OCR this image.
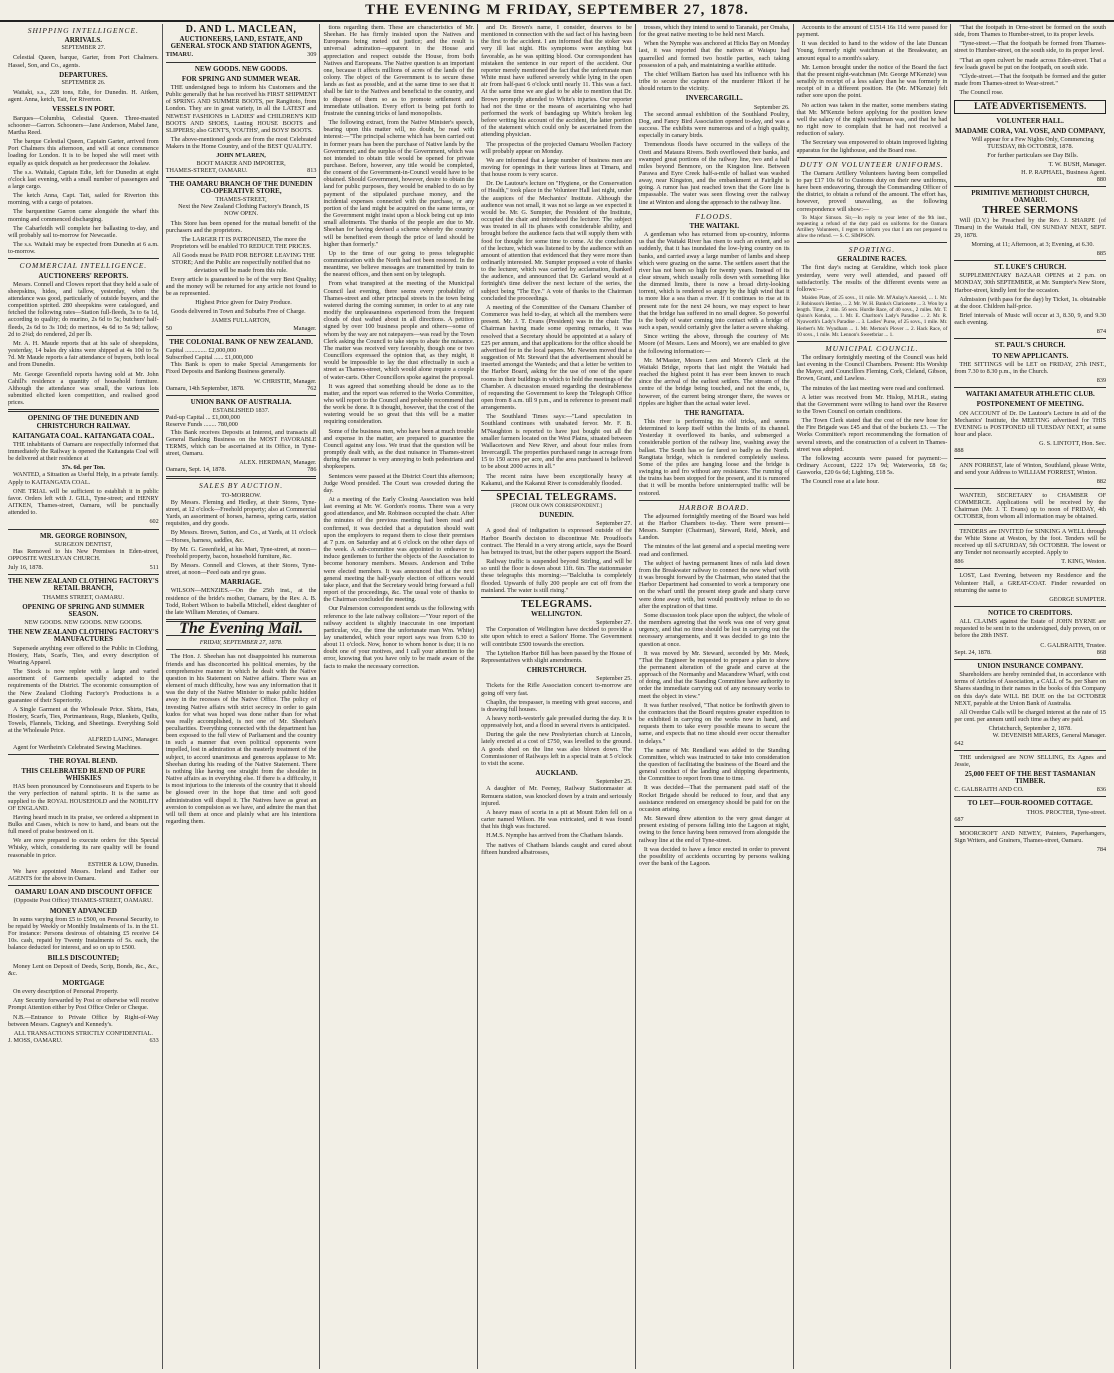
THE EVENING M FRIDAY, SEPTEMBER 27, 1878.
SHIPPING INTELLIGENCE.
ARRIVALS.
SEPTEMBER 27.

Celestial Queen, barque, Garter, from Port Chalmers. Hassel, Son, and Co., agents.

DEPARTURES.
SEPTEMBER 26.

Waitaki, s.s., 228 tons, Edie, for Dunedin. H. Aitken, agent. Anna, ketch, Tait, for Riverton.

VESSELS IN PORT.

Barques—Columbia, Celestial Queen. Three-masted schooner—Garron. Schooners—Jane Anderson, Mabel Jane, Martha Reed.

The barque Celestial Queen, Captain Garter, arrived from Port Chalmers this afternoon, and will at once commence loading for London. It is to be hoped she will meet with equally as quick despatch as her predecessor the Jokalaw.

The s.s. Waitaki, Captain Edie, left for Dunedin at eight o'clock last evening, with a small number of passengers and a large cargo.

The ketch Anna, Capt. Tait, sailed for Riverton this morning, with a cargo of potatoes.

The barquentine Garron came alongside the wharf this morning and commenced discharging.

The Cabarfeidh will complete her ballasting to-day, and will probably sail to-morrow for Newcastle.

The s.s. Waitaki may be expected from Dunedin at 6 a.m. to-morrow.

COMMERCIAL INTELLIGENCE.
AUCTIONEERS' REPORTS.

Messrs. Connell and Clowes report that they held a sale of sheepskins, hides, and tallow, yesterday, when the attendance was good, particularly of outside buyers, and the competition spirited. 280 sheepskins were catalogued, and fetched the following rates—Station full-fleeds, 3s to 6s 1d, according to quality; do murino, 2s 6d to 5s; butchers' half-fleeds, 2s 6d to 3s 10d; do merinos, 4s 6d to 5s 9d; tallow, 2d to 2¼d; do rendered, 2d per lb.

Mr. A. H. Maude reports that at his sale of sheepskins, yesterday, 14 bales dry skins were shipped at 4s 10d to 5s 7d. Mr Maude reports a fair attendance of buyers, both local and from Dunedin.

Mr. George Greenfield reports having sold at Mr. John Cahill's residence a quantity of household furniture. Although the attendance was small, the various lots submitted elicited keen competition, and realised good prices.

OPENING OF THE DUNEDIN AND CHRISTCHURCH RAILWAY.
KAITANGATA COAL. KAITANGATA COAL.

THE inhabitants of Oamaru are respectfully informed that immediately the Railway is opened the Kaitangata Coal will be delivered at their residence at

37s. 6d. per Ton.

WANTED, a Situation as Useful Help, in a private family. Apply to KAITANGATA COAL.

ONE TRIAL will be sufficient to establish it in public favor. Orders left with J. GILL, Tyne-street; and HENRY AITKEN, Thames-street, Oamaru, will be punctually attended to.

602
MR. GEORGE ROBINSON,
SURGEON DENTIST,

Has Removed to his New Premises in Eden-street, OPPOSITE WESLEYAN CHURCH.

July 16, 1878.	511
THE NEW ZEALAND CLOTHING FACTORY'S RETAIL BRANCH,
THAMES STREET, OAMARU.
OPENING OF SPRING AND SUMMER SEASON.
NEW GOODS. NEW GOODS. NEW GOODS.
THE NEW ZEALAND CLOTHING FACTORY'S MANUFACTURES

Supersede anything ever offered to the Public in Clothing, Hosiery, Hats, Scarfs, Ties, and every description of Wearing Apparel.

The Stock is now replete with a large and varied assortment of Garments specially adapted to the requirements of the District. The economic consumption of the New Zealand Clothing Factory's Productions is a guarantee of their Superiority.

A Single Garment at the Wholesale Price. Shirts, Hats, Hosiery, Scarfs, Ties, Portmanteaus, Rugs, Blankets, Quilts, Towels, Flannels, Ticking, and Sheetings. Everything Sold at the Wholesale Price.

ALFRED LAING, Manager.

Agent for Wertheim's Celebrated Sewing Machines.

THE ROYAL BLEND.
THIS CELEBRATED BLEND OF PURE WHISKIES

HAS been pronounced by Connoisseurs and Experts to be the very perfection of natural spirits. It is the same as supplied to the ROYAL HOUSEHOLD and the NOBILITY OF ENGLAND.

Having heard much in its praise, we ordered a shipment in Bulks and Cases, which is now to hand, and bears out the full meed of praise bestowed on it.

We are now prepared to execute orders for this Special Whisky, which, considering its rare quality will be found reasonable in price.

ESTHER & LOW, Dunedin.

We have appointed Messrs. Ireland and Esther our AGENTS for the above in Oamaru.

OAMARU LOAN AND DISCOUNT OFFICE
(Opposite Post Office) THAMES-STREET, OAMARU.
MONEY ADVANCED

In sums varying from £5 to £500, on Personal Security, to be repaid by Weekly or Monthly Instalments of 1s. in the £1. For instance: Persons desirous of obtaining £5 receive £4 10s. cash, repaid by Twenty Instalments of 5s. each, the balance deducted for interest, and so on up to £500.

BILLS DISCOUNTED;

Money Lent on Deposit of Deeds, Scrip, Bonds, &c., &c., &c.

MORTGAGE

On every description of Personal Property.

Any Security forwarded by Post or otherwise will receive Prompt Attention either by Post Office Order or Cheque.

N.B.—Entrance to Private Office by Right-of-Way between Messrs. Cagney's and Kennedy's.

ALL TRANSACTIONS STRICTLY CONFIDENTIAL.
J. MOSS, OAMARU.	633
D. AND L. MACLEAN,
AUCTIONEERS, LAND, ESTATE, AND GENERAL STOCK AND STATION AGENTS,
TIMARU.	309
NEW GOODS. NEW GOODS.
FOR SPRING AND SUMMER WEAR.

THE undersigned begs to inform his Customers and the Public generally that he has received his FIRST SHIPMENT of SPRING AND SUMMER BOOTS, per Rangitoto, from London. They are in great variety, in all the LATEST and NEWEST FASHIONS in LADIES' and CHILDREN'S KID BOOTS AND SHOES, Lasting HOUSE BOOTS and SLIPPERS; also GENT'S, YOUTHS', and BOYS' BOOTS.

The above-mentioned goods are from the most Celebrated Makers in the Home Country, and of the BEST QUALITY.

JOHN M'LAREN,
BOOT MAKER AND IMPORTER,
THAMES-STREET, OAMARU.	813
THE OAMARU BRANCH OF THE DUNEDIN CO-OPERATIVE STORE,
THAMES-STREET,

Next the New Zealand Clothing Factory's Branch, IS NOW OPEN.

This Store has been opened for the mutual benefit of the purchasers and the proprietors.

The LARGER IT IS PATRONISED, The more the Proprietors will be enabled TO REDUCE THE PRICES.

All Goods must be PAID FOR BEFORE LEAVING THE STORE; And the Public are respectfully notified that no deviation will be made from this rule.

Every article is guaranteed to be of the very Best Quality; and the money will be returned for any article not found to be as represented.

Highest Price given for Dairy Produce.

Goods delivered in Town and Suburbs Free of Charge.

JAMES FULLARTON,
50	Manager.
THE COLONIAL BANK OF NEW ZEALAND.
Capital .............. £2,000,000
Subscribed Capital ...... £1,000,000

This Bank is open to make Special Arrangements for Fixed Deposits and Banking Business generally.

W. CHRISTIE, Manager.
Oamaru, 14th September, 1878.	762
UNION BANK OF AUSTRALIA.
ESTABLISHED 1837.
Paid-up Capital ... £1,000,000
Reserve Funds ........ 780,000

This Bank receives Deposits at Interest, and transacts all General Banking Business on the MOST FAVORABLE TERMS, which can be ascertained at its Office, in Tyne-street, Oamaru.

ALEX. HERDMAN, Manager.
Oamaru, Sept. 14, 1878.	786
SALES BY AUCTION.
TO-MORROW.

By Messrs. Fleming and Hedley, at their Stores, Tyne-street, at 12 o'clock—Freehold property; also at Commercial Yards, an assortment of horses, harness, spring carts, station requisites, and dry goods.

By Messrs. Brown, Sutton, and Co., at Yards, at 11 o'clock—Horses, harness, saddles, &c.

By Mr. G. Greenfield, at his Mart, Tyne-street, at noon—Freehold property, bacon, household furniture, &c.

By Messrs. Connell and Clowes, at their Stores, Tyne-street, at noon—Feed oats and rye grass.

MARRIAGE.

WILSON—MENZIES.—On the 25th inst., at the residence of the bride's mother, Oamaru, by the Rev. A. B. Todd, Robert Wilson to Isabella Mitchell, eldest daughter of the late William Menzies, of Oamaru.

The Evening Mail.
FRIDAY, SEPTEMBER 27, 1878.

The Hon. J. Sheehan has not disappointed his numerous friends and has disconcerted his political enemies, by the comprehensive manner in which he dealt with the Native question in his Statement on Native affairs. There was an element of much difficulty, how was any information that it was the duty of the Native Minister to make public hidden away in the recesses of the Native Office. The policy of investing Native affairs with strict secrecy in order to gain kudos for what was hoped was done rather than for what was really accomplished, is not one of Mr. Sheehan's peculiarities. Everything connected with the department has been exposed to the full view of Parliament and the country in such a manner that even political opponents were impelled, lost in admiration at the masterly treatment of the subject, to accord unanimous and generous applause to Mr. Sheehan during his reading of the Native Statement. There is nothing like having one straight from the shoulder in Native affairs as in everything else. If there is a difficulty, it is most injurious to the interests of the country that it should be glossed over in the hope that time and soft good administration will dispel it. The Natives have as great an aversion to compulsion as we have, and admire the man that will tell them at once and plainly what are his intentions regarding them.

tions regarding them. These are characteristics of Mr. Sheehan. He has firmly insisted upon the Natives and Europeans being meted out justice; and the result is universal admiration—apparent in the House and appreciation and respect outside the House, from both Natives and Europeans. The Native question is an important one, because it affects millions of acres of the lands of the colony. The object of the Government is to secure these lands as fast as possible, and at the same time to see that it shall be fair to the Natives and beneficial to the country, and to dispose of them so as to promote settlement and immediate utilisation. Every effort is being put forth to frustrate the cunning tricks of land monopolists.

The following extract, from the Native Minister's speech, bearing upon this matter will, no doubt, be read with interest:—"The principal scheme which has been carried out in former years has been the purchase of Native lands by the Government; and the surplus of the Government, which was not intended to obtain title would be opened for private purchase. Before, however, any title would be completed, the consent of the Government-in-Council would have to be obtained. Should Government, however, desire to obtain the land for public purposes, they would be enabled to do so by payment of the stipulated purchase money, and the incidental expenses connected with the purchase, or any portion of the land might be acquired on the same terms, or the Government might insist upon a block being cut up into small allotments. The thanks of the people are due to Mr. Sheehan for having devised a scheme whereby the country will be benefited even though the price of land should be higher than formerly."

Up to the time of our going to press telegraphic communication with the North had not been restored. In the meantime, we believe messages are transmitted by train to the nearest offices, and then sent on by telegraph.

From what transpired at the meeting of the Municipal Council last evening, there seems every probability of Thames-street and other principal streets in the town being watered during the coming summer, in order to at any rate modify the unpleasantness experienced from the frequent clouds of dust wafted about in all directions. A petition signed by over 100 business people and others—some of whom by the way are not ratepayers—was read by the Town Clerk asking the Council to take steps to abate the nuisance. The matter was received very favorably, though one or two Councillors expressed the opinion that, as they might, it would be impossible to lay the dust effectually in such a street as Thames-street, which would alone require a couple of water-carts. Other Councillors spoke against the proposal.

It was agreed that something should be done as to the matter, and the report was referred to the Works Committee, who will report to the Council and probably recommend that the work be done. It is thought, however, that the cost of the watering would be so great that this will be a matter requiring consideration.

Some of the business men, who have been at much trouble and expense in the matter, are prepared to guarantee the Council against any loss. We trust that the question will be promptly dealt with, as the dust nuisance in Thames-street during the summer is very annoying to both pedestrians and shopkeepers.

Sentences were passed at the District Court this afternoon; Judge Wood presided. The Court was crowded during the day.

At a meeting of the Early Closing Association was held last evening at Mr. W. Gordon's rooms. There was a very good attendance, and Mr. Robinson occupied the chair. After the minutes of the previous meeting had been read and confirmed, it was decided that a deputation should wait upon the employers to request them to close their premises at 7 p.m. on Saturday and at 6 o'clock on the other days of the week. A sub-committee was appointed to endeavor to induce gentlemen to further the objects of the Association to become honorary members. Messrs. Anderson and Tribe were elected members. It was announced that at the next general meeting the half-yearly election of officers would take place, and that the Secretary would bring forward a full report of the proceedings, &c. The usual vote of thanks to the Chairman concluded the meeting.

Our Palmerston correspondent sends us the following with reference to the late railway collision:—"Your report of the railway accident is slightly inaccurate in one important particular, viz., the time the unfortunate man Wm. White) lay unattended, which your report says was from 6.30 to about 11 o'clock. Now, honor to whom honor is due; it is no doubt one of your motives, and I call your attention to the error, knowing that you have only to be made aware of the facts to make the necessary correction.

and Dr. Brown's name, I consider, deserves to be mentioned in connection with the sad fact of his having been the first to the accident. I am informed that the stoker was very ill last night. His symptoms were anything but favorable, as he was spitting blood. Our correspondent has mistaken the sentence in our report of the accident. Our reporter merely mentioned the fact that the unfortunate man White must have suffered severely while lying in the open air from half-past 6 o'clock until nearly 11. This was a fact. At the same time we are glad to be able to mention that Dr. Brown promptly attended to White's injuries. Our reporter had not the time or the means of ascertaining who had performed the work of bandaging up White's broken leg before writing his account of the accident, the latter portion of the statement which could only be ascertained from the attending physician.

The prospectus of the projected Oamaru Woollen Factory will probably appear on Monday.

We are informed that a large number of business men are moving for openings in their various lines at Timaru, and that house room is very scarce.

Dr. De Lautour's lecture on "Hygiene, or the Conservation of Health," took place in the Volunteer Hall last night, under the auspices of the Mechanics' Institute. Although the audience was not small, it was not so large as we expected it would be. Mr. G. Sumpter, the President of the Institute, occupied the chair and introduced the lecturer. The subject was treated in all its phases with considerable ability, and brought before the audience facts that will supply them with food for thought for some time to come. At the conclusion of the lecture, which was listened to by the audience with an amount of attention that evidenced that they were more than ordinarily interested. Mr. Sumpter proposed a vote of thanks to the lecturer, which was carried by acclamation, thanked the audience, and announced that Dr. Garland would at a fortnight's time deliver the next lecture of the series, the subject being "The Eye." A vote of thanks to the Chairman concluded the proceedings.

A meeting of the Committee of the Oamaru Chamber of Commerce was held to-day, at which all the members were present. Mr. J. T. Evans (President) was in the chair. The Chairman having made some opening remarks, it was resolved that a Secretary should be appointed at a salary of £25 per annum, and that applications for the office should be advertised for in the local papers. Mr. Newton moved that a suggestion of Mr. Steward that the advertisement should be inserted amongst the Wanteds; and that a letter be written to the Harbor Board, asking for the use of one of the spare rooms in their buildings in which to hold the meetings of the Chamber. A discussion ensued regarding the desirableness of requesting the Government to keep the Telegraph Office open from 8 a.m. till 9 p.m., and in reference to present mail arrangements.

The Southland Times says:—"Land speculation in Southland continues with unabated fervor. Mr. F. B. M'Naughton is reported to have just bought out all the smaller farmers located on the West Plains, situated between Wallacetown and New River, and about four miles from Invercargill. The properties purchased range in acreage from 15 to 150 acres per acre, and the area purchased is believed to be about 2000 acres in all."

The recent rains have been exceptionally heavy at Kakanui, and the Kakanui River is considerably flooded.

SPECIAL TELEGRAMS.
[FROM OUR OWN CORRESPONDENT.]
DUNEDIN.
September 27.

A good deal of indignation is expressed outside of the Harbor Board's decision to discontinue Mr. Proudfoot's contract. The Herald in a very strong article, says the Board has betrayed its trust, but the other papers support the Board.

Railway traffic is suspended beyond Stirling, and will be so until the floor is down about 11ft. 6in. The stationmaster these telegraphs this morning:—"Balclutha is completely flooded. Upwards of fully 200 people are cut off from the mainland. The water is still rising."

TELEGRAMS.
WELLINGTON.
September 27.

The Corporation of Wellington have decided to provide a site upon which to erect a Sailors' Home. The Government will contribute £500 towards the erection.

The Lyttelton Harbor Bill has been passed by the House of Representatives with slight amendments.

CHRISTCHURCH.
September 25.

Tickets for the Rifle Association concert to-morrow are going off very fast.

Chaplin, the trespasser, is meeting with great success, and is drawing full houses.

A heavy north-westerly gale prevailed during the day. It is oppressively hot, and a flood in several rivers is anticipated.

During the gale the new Presbyterian church at Lincoln, lately erected at a cost of £750, was levelled to the ground. A goods shed on the line was also blown down. The Commissioner of Railways left in a special train at 5 o'clock to visit the scene.

AUCKLAND.
September 25.

A daughter of Mr. Feeney, Railway Stationmaster at Remuera station, was knocked down by a train and seriously injured.

A heavy mass of scoria in a pit at Mount Eden fell on a carter named Wilson. He was extricated, and it was found that his thigh was fractured.

H.M.S. Nymphe has arrived from the Chatham Islands.

The natives of Chatham Islands caught and cured about fifteen hundred albatrosses,

trosses, which they intend to send to Taranaki, per Omaha, for the great native meeting to be held next March.

When the Nymphe was anchored at Hicks Bay on Monday last, it was reported that the natives at Waiapu had quarrelled and formed two hostile parties, each taking possession of a pah, and maintaining a warlike attitude.

The chief William Barton has used his influence with his tribe to secure the capture of the murderer Hikori if he should return to the vicinity.

INVERCARGILL.
September 26.

The second annual exhibition of the Southland Poultry, Dog, and Fancy Bird Association opened to-day, and was a success. The exhibits were numerous and of a high quality, especially in canary birds.

Tremendous floods have occurred in the valleys of the Oreti and Mataura Rivers. Both overflowed their banks, and swamped great portions of the railway line, two and a half miles beyond Benmore, on the Kingston line. Between Parawa and Eyre Creek half-a-mile of ballast was washed away, near Kingston, and the embankment at Fairlight is going. A rumor has just reached town that the Gore line is impassable. The water was seen flowing over the railway line at Winton and along the approach to the railway line.

FLOODS.
THE WAITAKI.

A gentleman who has returned from up-country, informs us that the Waitaki River has risen to such an extent, and so suddenly, that it has inundated the low-lying country on its banks, and carried away a large number of lambs and sheep which were grazing on the same. The settlers assert that the river has not been so high for twenty years. Instead of its clear stream, which usually rolls down with something like the dimmed limits, there is now a broad dirty-looking torrent, which is rendered so angry by the high wind that it is more like a sea than a river. If it continues to rise at its present rate for the next 24 hours, we may expect to hear that the bridge has suffered in no small degree. So powerful is the body of water coming into contact with a bridge of such a span, would certainly give the latter a severe shaking.

Since writing the above, through the courtesy of Mr. Moore (of Messrs. Lees and Moore), we are enabled to give the following information:—

Mr. M'Master, Messrs Lees and Moore's Clerk at the Waitaki Bridge, reports that last night the Waitaki had reached the highest point it has ever been known to reach since the arrival of the earliest settlers. The stream of the centre of the bridge being touched, and not the ends, is, however, of the current being stronger there, the waves or ripples are higher than the actual water level.

THE RANGITATA.

This river is performing its old tricks, and seems determined to keep itself within the limits of its channel. Yesterday it overflowed its banks, and submerged a considerable portion of the railway line, washing away the ballast. The South has so far fared so badly as the North. Rangitata bridge, which is rendered completely useless. Some of the piles are hanging loose and the bridge is swinging to and fro without any resistance. The running of the trains has been stopped for the present, and it is rumored that it will be months before uninterrupted traffic will be restored.

HARBOR BOARD.

The adjourned fortnightly meeting of the Board was held at the Harbor Chambers to-day. There were present—Messrs. Sumpter (Chairman), Steward, Reid, Meek, and Landon.

The minutes of the last general and a special meeting were read and confirmed.

The subject of having permanent lines of rails laid down from the Breakwater railway to connect the new wharf with it was brought forward by the Chairman, who stated that the Harbor Department had consented to work a temporary one on the wharf until the present steep grade and sharp curve were done away with, but would positively refuse to do so after the expiration of that time.

Some discussion took place upon the subject, the whole of the members agreeing that the work was one of very great urgency, and that no time should be lost in carrying out the necessary arrangements, and it was decided to go into the question at once.

It was moved by Mr. Steward, seconded by Mr. Meek, "That the Engineer be requested to prepare a plan to show the permanent alteration of the grade and curve at the approach of the Normanby and Macandrew Wharf, with cost of doing, and that the Standing Committee have authority to order the immediate carrying out of any necessary works to meet the object in view."

It was further resolved, "That notice be forthwith given to the contractors that the Board requires greater expedition to be exhibited in carrying on the works now in hand, and requests them to take every possible means to secure the same, and expects that no time should ever occur thereafter in delays."

The name of Mr. Rendland was added to the Standing Committee, which was instructed to take into consideration the question of facilitating the business of the Board and the general conduct of the landing and shipping departments, the Committee to report from time to time.

It was decided—That the permanent paid staff of the Rocket Brigade should be reduced to four, and that any assistance rendered on emergency should be paid for on the occasion arising.

Mr. Steward drew attention to the very great danger at present existing of persons falling into the Lagoon at night, owing to the fence having been removed from alongside the railway line at the end of Tyne-street.

It was decided to have a fence erected in order to prevent the possibility of accidents occurring by persons walking over the bank of the Lagoon.

Accounts to the amount of £1514 16s 11d were passed for payment.

It was decided to hand to the widow of the late Duncan Young, formerly night watchman at the Breakwater, an amount equal to a month's salary.

Mr. Lemon brought under the notice of the Board the fact that the present night-watchman (Mr. George M'Kenzie) was sensibly in receipt of a less salary than he was formerly in receipt of in a different position. He (Mr. M'Kenzie) felt rather sore upon the point.

No action was taken in the matter, some members stating that Mr. M'Kenzie before applying for the position knew well the salary of the night watchman was, and that he had no right now to complain that he had not received a reduction of salary.

The Secretary was empowered to obtain improved lighting apparatus for the lighthouse, and the Board rose.

DUTY ON VOLUNTEER UNIFORMS.

The Oamaru Artillery Volunteers having been compelled to pay £17 10s 6d to Customs duty on their new uniforms, have been endeavoring, through the Commanding Officer of the district, to obtain a refund of the amount. The effort has, however, proved unavailing, as the following correspondence will show:—

To Major Simson. Sir,—In reply to your letter of the 9th inst., requesting a refund of the duty paid on uniforms for the Oamaru Artillery Volunteers, I regret to inform you that I am not prepared to allow the refund. — S. C. SIMPSON.

SPORTING.
GERALDINE RACES.

The first day's racing at Geraldine, which took place yesterday, were very well attended, and passed off satisfactorily. The results of the different events were as follows:—

Maiden Plate, of 25 sovs., 11 mile. Mr. M'Aulay's Aneroid, ... 1. Mr. J. Robinson's Hettine, ... 2. Mr. W. H. Banks's Clarionette ... 3. Won by a length. Time, 2 min. 56 secs. Hurdle Race, of 40 sovs., 2 miles. Mr. T. Quinn's Kotuku, ... 1. Mr. E. Charlton's Lady's Paradise ... 2. Mr. R. Nyaworth's Lady's Paradise ... 3. Ladies' Purse, of 25 sovs., 1 mile. Mr. Herbert's Mr. Wyndham ... 1. Mr. Merton's Plover ... 2. Hack Race, of 10 sovs., 1 mile. Mr. Lennon's Sweetbriar ... 1.

MUNICIPAL COUNCIL.

The ordinary fortnightly meeting of the Council was held last evening in the Council Chambers. Present: His Worship the Mayor, and Councillors Fleming, Cork, Cleland, Gibson, Brown, Grant, and Lawless.

The minutes of the last meeting were read and confirmed.

A letter was received from Mr. Hislop, M.H.R., stating that the Government were willing to hand over the Reserve to the Town Council on certain conditions.

The Town Clerk stated that the cost of the new hose for the Fire Brigade was £45 and that of the buckets £3. — The Works Committee's report recommending the formation of several streets, and the construction of a culvert in Thames-street was adopted.

The following accounts were passed for payment:—Ordinary Account, £222 17s 9d; Waterworks, £8 6s; Gasworks, £20 6s 6d; Lighting, £18 5s.

The Council rose at a late hour.

"That the footpath in Orne-street be formed on the south side, from Thames to Humber-street, to its proper levels.

"Tyne-street.—That the footpath be formed from Thames-street to Humber-street, on the south side, to its proper level.

"That an open culvert be made across Eden-street. That a few loads gravel be put on the footpath, on south side.

"Clyde-street.—That the footpath be formed and the gutter made from Thames-street to Wear-street."

The Council rose.

LATE ADVERTISEMENTS.
VOLUNTEER HALL.
MADAME CORA, VAL VOSE, AND COMPANY,

Will appear for a Few Nights Only, Commencing TUESDAY, 8th OCTOBER, 1878.

For further particulars see Day Bills.

T. W. BUSH, Manager.
H. P. RAPHAEL, Business Agent.
880
PRIMITIVE METHODIST CHURCH, OAMARU.
THREE SERMONS

Will (D.V.) be Preached by the Rev. J. SHARPE (of Timaru) in the Waitaki Hall, ON SUNDAY NEXT, SEPT. 29, 1878.

Morning, at 11; Afternoon, at 3; Evening, at 6.30.

885
ST. LUKE'S CHURCH.

SUPPLEMENTARY BAZAAR OPENS at 2 p.m. on MONDAY, 30th SEPTEMBER, at Mr. Sumpter's New Store, Harbor-street, kindly lent for the occasion.

Admission (with pass for the day) by Ticket, 1s. obtainable at the door. Children half-price.

Brief intervals of Music will occur at 3, 8.30, 9, and 9.30 each evening.

874
ST. PAUL'S CHURCH.
TO NEW APPLICANTS.

THE SITTINGS will be LET on FRIDAY, 27th INST., from 7.30 to 8.30 p.m., in the Church.

839
WAITAKI AMATEUR ATHLETIC CLUB.
POSTPONEMENT OF MEETING.

ON ACCOUNT of Dr. De Lautour's Lecture in aid of the Mechanics' Institute, the MEETING advertised for THIS EVENING is POSTPONED till TUESDAY NEXT, at same hour and place.

G. S. LINTOTT, Hon. Sec.
888

ANN FORREST, late of Winton, Southland, please Write, and send your Address to WILLIAM FORREST, Winton.

882

WANTED, SECRETARY to CHAMBER OF COMMERCE. Applications will be received by the Chairman (Mr. J. T. Evans) up to noon of FRIDAY, 4th OCTOBER, from whom all information may be obtained.

TENDERS are INVITED for SINKING A WELL through the White Stone at Weston, by the foot. Tenders will be received up till SATURDAY, 5th OCTOBER. The lowest or any Tender not necessarily accepted. Apply to

886	T. KING, Weston.

LOST, Last Evening, between my Residence and the Volunteer Hall, a GREAT-COAT. Finder rewarded on returning the same to

GEORGE SUMPTER.
NOTICE TO CREDITORS.

ALL CLAIMS against the Estate of JOHN BYRNE are requested to be sent in to the undersigned, duly proven, on or before the 28th INST.

C. GALBRAITH, Trustee.
Sept. 24, 1878.	868
UNION INSURANCE COMPANY.

Shareholders are hereby reminded that, in accordance with terms of Articles of Association, a CALL of 5s. per Share on Shares standing in their names in the books of this Company on this day's date WILL BE DUE on the 1st OCTOBER NEXT, payable at the Union Bank of Australia.

All Overdue Calls will be charged interest at the rate of 15 per cent. per annum until such time as they are paid.

Christchurch, September 2, 1878.
W. DEVENISH MEARES, General Manager.
642

THE undersigned are NOW SELLING, Ex Agnes and Jessie,

25,000 FEET OF THE BEST TASMANIAN TIMBER.
C. GALBRAITH AND CO.	836
TO LET—FOUR-ROOMED COTTAGE.
THOS. PROCTER, Tyne-street.
687

MOORCROFT AND NEWEY, Painters, Paperhangers, Sign Writers, and Grainers, Thames-street, Oamaru.

784
